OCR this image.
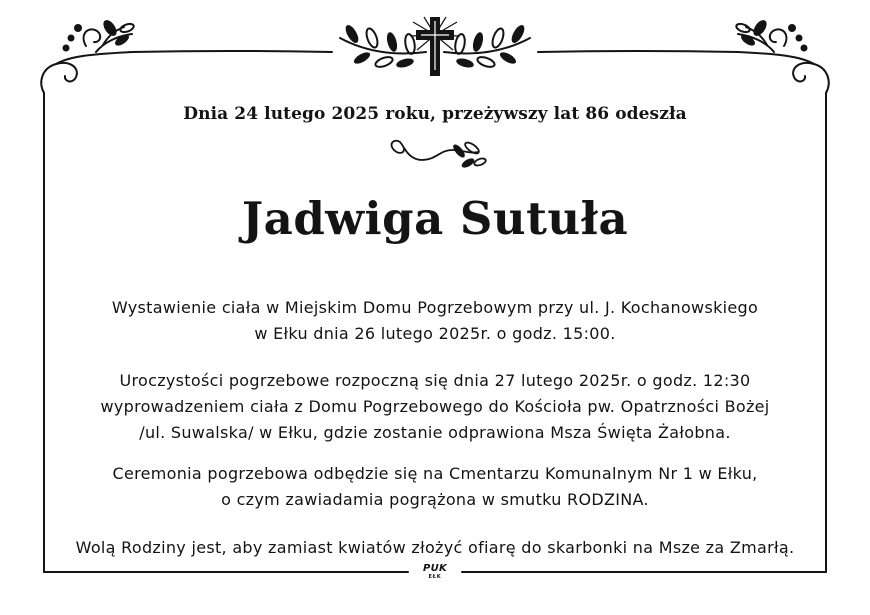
Dnia 24 lutego 2025 roku, przeżywszy lat 86 odeszła
Jadwiga Sutuła

Wystawienie ciała w Miejskim Domu Pogrzebowym przy ul. J. Kochanowskiego
w Ełku dnia 26 lutego 2025r. o godz. 15:00.

Uroczystości pogrzebowe rozpoczną się dnia 27 lutego 2025r. o godz. 12:30
wyprowadzeniem ciała z Domu Pogrzebowego do Kościoła pw. Opatrzności Bożej
/ul. Suwalska/ w Ełku, gdzie zostanie odprawiona Msza Święta Żałobna.

Ceremonia pogrzebowa odbędzie się na Cmentarzu Komunalnym Nr 1 w Ełku,
o czym zawiadamia pogrążona w smutku RODZINA.

Wolą Rodziny jest, aby zamiast kwiatów złożyć ofiarę do skarbonki na Msze za Zmarłą.

PUK
EŁK
